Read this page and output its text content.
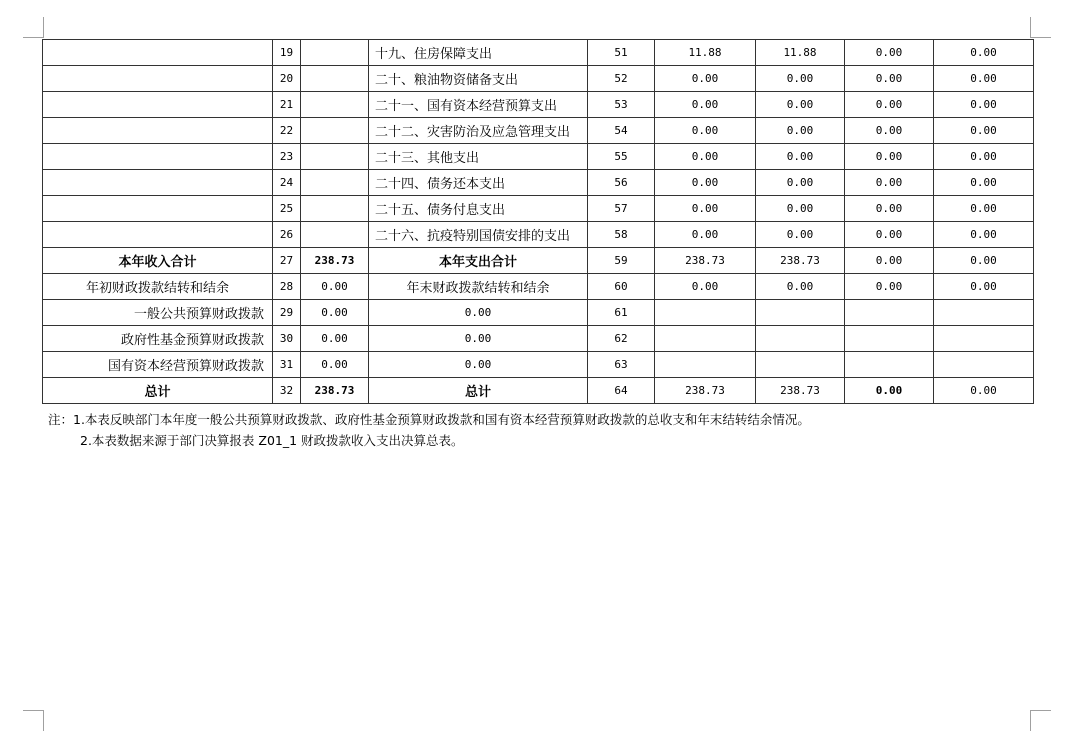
	19		十九、住房保障支出	51	11.88	11.88	0.00	0.00
	20		二十、粮油物资储备支出	52	0.00	0.00	0.00	0.00
	21		二十一、国有资本经营预算支出	53	0.00	0.00	0.00	0.00
	22		二十二、灾害防治及应急管理支出	54	0.00	0.00	0.00	0.00
	23		二十三、其他支出	55	0.00	0.00	0.00	0.00
	24		二十四、债务还本支出	56	0.00	0.00	0.00	0.00
	25		二十五、债务付息支出	57	0.00	0.00	0.00	0.00
	26		二十六、抗疫特别国债安排的支出	58	0.00	0.00	0.00	0.00
本年收入合计	27	238.73	本年支出合计	59	238.73	238.73	0.00	0.00
年初财政拨款结转和结余	28	0.00	年末财政拨款结转和结余	60	0.00	0.00	0.00	0.00
一般公共预算财政拨款	29	0.00	0.00	61				
政府性基金预算财政拨款	30	0.00	0.00	62				
国有资本经营预算财政拨款	31	0.00	0.00	63				
总计	32	238.73	总计	64	238.73	238.73	0.00	0.00
注：1.本表反映部门本年度一般公共预算财政拨款、政府性基金预算财政拨款和国有资本经营预算财政拨款的总收支和年末结转结余情况。
2.本表数据来源于部门决算报表 Z01_1 财政拨款收入支出决算总表。
